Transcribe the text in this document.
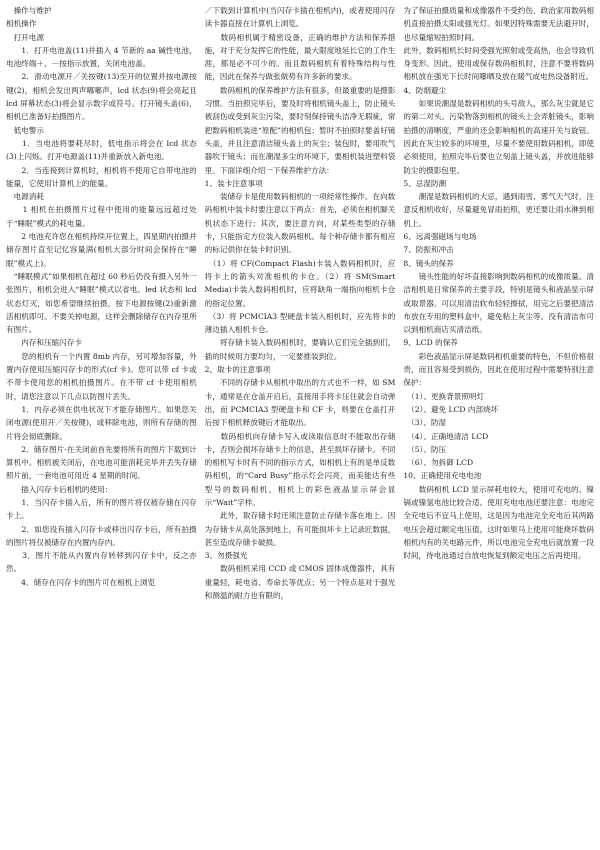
　操作与维护

相机操作

　打开电源

　　1．打开电池盖(11)并插入 4 节新的 aa 碱性电池，电池终端＋、－按指示放置，关闭电池盖。

　　2．滑动电源开／关按键(13)至开的位置并按电源按键(2)，相机会发出两声嘟嘟声，lcd 状态(9)将会亮起且 lcd 屏幕状态(3)将会显示数字或符号。打开镜头盖(6)，相机已准备好拍摄图片。

　低电警示

　　1．当电池将要耗尽时，低电指示将会在 lcd 状态(3)上闪烁。打开电源盖(11)并重新放入新电池。

　　2．当连接到计算机时，相机将不使用它自带电池的能量，它使用计算机上的能量。

　电源消耗

　　1 相机在拍摄图片过程中使用的能量远远超过处于“睡眠”模式的耗电量。

　　2 电池充许您在相机持续开位置上，四星期内拍摄并储存图片直至记忆容量满(相机大部分时间会保持在“睡眠”模式上)。

　“睡眠模式”如果相机在超过 60 秒后仍没有摄入另外一张图片，相机会进入“睡眠”模式以省电。led 状态和 lcd 状态灯灭，如您希望继续拍摄，按下电源按键(2)重新激活相机即可。不要关掉电源，这样会删除储存在内存里所有图片。

　　内存和压缩闪存卡

　　您的相机有一个内置 8mb 内存，另可增加容量，外置内存使用压缩闪存卡的形式(cf 卡)。您可以带 cf 卡或不带卡使用您的相机拍摄图片。在不带 cf 卡使用相机时，请您注意以下几点以防图片丢失。

　　1．内存必须在供电状况下才能存储图片。如果您关闭电源(使用开／关按键)，或移除电池，则所有存储的图片将会彻底删除。

　　2．储存图片-在关闭前首先要将所有的图片下载到计算机中。相机被关闭后，在电池可能消耗完毕并丢失存储照片前，一套电池可用近 4 星期的时间。

　　插入闪存卡后相机的使用：

　　1．当闪存卡插入后，所有的图片将仅被存储在闪存卡上。

　　2．如您没有插入闪存卡或移出闪存卡后，所有拍摄的图片将仅被储存在内置内存内。

　　3．图片不能从内置内存转移到闪存卡中，反之亦然。

　　4．储存在闪存卡的图片可在相机上浏览

／下载到计算机中(当闪存卡插在相机内)，或者使用闪存读卡器直接在计算机上浏览。

　　数码相机属于精密设备，正确的维护方法和保养措施，对于充分发挥它的性能，最大限度地延长它的工作生涯，都是必不可少的。而且数码相机有着特殊结构与性能，因此在保养与做张做势有许多新的要求。

　　数码相机的保养维护方法有很多，但最重要的是摄影习惯。当拍照完毕后，要及时将相机镜头盖上，防止镜头被刮伤或受到灰尘污染，要时刻保持镜头洁净无瑕疵，常把数码相机装进“原配”的相机包；暂时不拍照时要盖好镜头盖，并且注意清洁镜头盖上的灰尘；装包时，要用吹气器吹干镜头；而在潮湿多尘的环境下，要相机装进塑料袋里。下面详细介绍一下保养维护方法：

1、装卡注意事项

　　装储存卡是使用数码相机的一项经常性操作。在向数码相机中装卡时要注意以下两点：首先，必须在相机脚关机状态下进行；其次，要注意方向，对某些类型的存储卡，只能指定方位装入数码相机。每个种存储卡都有相应的标记供你在装卡时识别。

　（1）将 CF(Compact Flash)卡装入数码相机时，应将卡上的箭头对准相机的卡仓。（2）将 SM(Smart Media)卡装入数码相机时，应将缺角一端指向相机卡仓的指定位置。

　（3）将 PCMCIA3 型硬盘卡装入相机时，应先将卡的薄边插入相机卡仓。

　　将存储卡装入数码相机时，要确认它们完全插到们，插的时候用力要均匀，一定要推装到位。

2、取卡的注意事项

　　不同的存储卡从相机中取出的方式也不一样，如 SM 卡，通常是在仓盖开启后，直接用手将卡压住就会自动弹出，而 PCMCIA3 型硬盘卡和 CF 卡，则要在仓盖打开后按下相机释放键后才能取出。

　　数码相机向存储卡写入或读取信息时不能取出存储卡，否则会损坏存储卡上的信息，甚至损坏存储卡。不同的相机写卡时有不同的指示方式，如相机上有的是单反数码相机，的“Card Busy”指示灯会闪亮，而美能达有些型号的数码相机，相机上的彩色液晶显示屏会显示“Wait”字样。

　　此外，取存储卡时还须注意防止存储卡落在地上。因为存储卡从高处落到地上，有可能损坏卡上记录匠数据，甚至造成存储卡破损。

3、勿摄强光

　　数码相机采用 CCD 或 CMOS 固体成像器件，具有重量轻，耗电省、寿命长等优点；另一个特点是对于强光和测温的耐力也有限的，

为了保证拍摄质量和成像器件不受约伤，政治家用数码相机直接拍摄太阳或强光灯。如果因特殊需要无法避开时，也尽量缩短拍照时间。

此外，数码相机长时间受强光照射或受高热，也会导致机身变形。因此，使用或保存数码相机时，注意不要将数码相机放在强光下长时间曝晒及放在暖气或电热设备附近。

4、防烟避尘

　　如果说潮湿是数码相机的头号敌人，那么灰尘就是它的第二对头。污染物落到相机的镜头上会弄脏镜头，影响拍摄的清晰度，严重的还会影响相机的高速开关与旋钮。因此在灰尘较多的环境里，尽量不要使用数码相机，即使必须使用，拍照完毕后要也立刻盖上镜头盖，并放进能够防尘的摄影包里。

5、忌湿防潮

　　潮湿是数码相机的大忌，遇到雨雪、雾气天气时，注意反相机收好，尽量避免冒雨拍照，更还要让雨水淋到相机上。

6、远离强磁场与电场

7、防振和冲击

8、镜头的保养

　　镜头性能的好坏直接影响到数码相机的成像质量。清洁相机是日常保养的主要手段，特别是镜头和液晶显示屏或取景器。可以用清洁软布轻轻擦拭，用完之后要把清洁布放在专用的塑料盒中，避免粘上灰尘等。没有清洁布可以到相机商店买清洁纸。

9、LCD 的保养

　　彩色液晶显示屏是数码相机重要的特色，不但价格很贵，而且容易受到损伤，因此在使用过程中需要特别注意保护：

　（1）、更换背景照明灯

　（2）、避免 LCD 内部烧坏

　（3）、防湿

　（4）、正确地清洁 LCD

　（5）、防压

　（6）、勿拆御 LCD

10、正确使用充电电池

　　数码相机 LCD 显示屏耗电较大，使用可充电的、镍镉或镍氢电池比较合适。使用充电电池还要注意：电池完全充电后不宜马上使用，这是因为电池完全充电后其两路电压会超过额定电压值，这时如果马上使用可能烧坏数码相机内有的关电路元件，所以电池完全充电后就放置一段时间，待电池通过自放电恢复到额定电压之后再使用。
